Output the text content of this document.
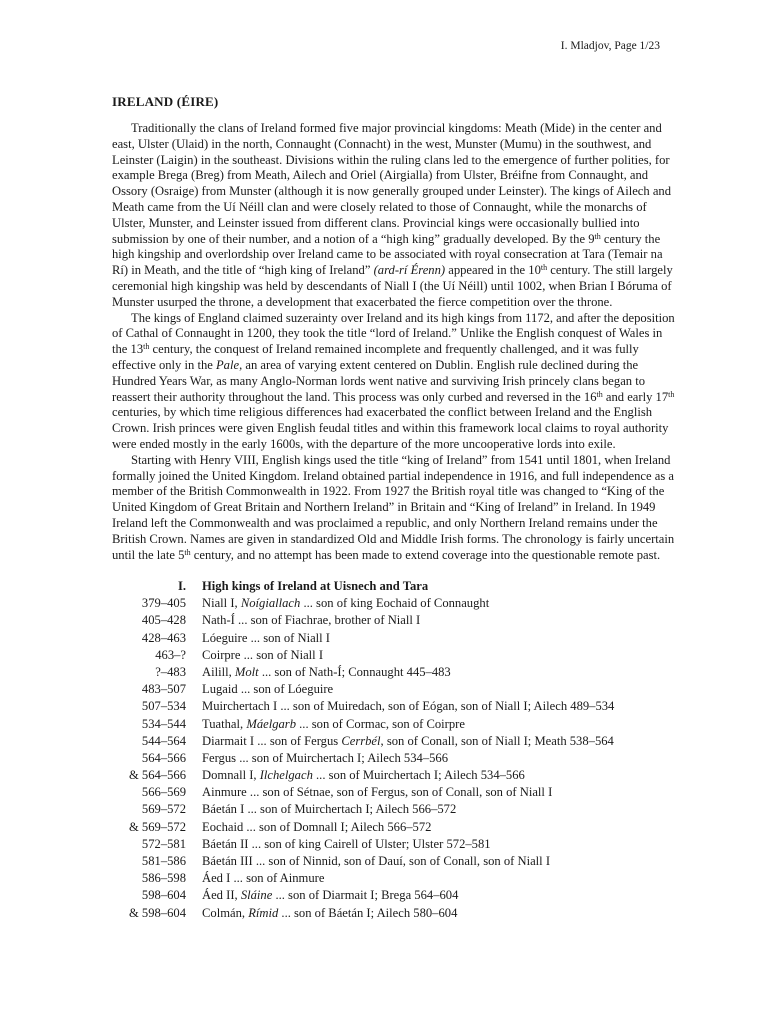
I. Mladjov, Page 1/23
IRELAND (ÉIRE)
Traditionally the clans of Ireland formed five major provincial kingdoms: Meath (Mide) in the center and
east, Ulster (Ulaid) in the north, Connaught (Connacht) in the west, Munster (Mumu) in the southwest, and
Leinster (Laigin) in the southeast. Divisions within the ruling clans led to the emergence of further polities, for
example Brega (Breg) from Meath, Ailech and Oriel (Airgialla) from Ulster, Bréifne from Connaught, and
Ossory (Osraige) from Munster (although it is now generally grouped under Leinster). The kings of Ailech and
Meath came from the Uí Néill clan and were closely related to those of Connaught, while the monarchs of
Ulster, Munster, and Leinster issued from different clans. Provincial kings were occasionally bullied into
submission by one of their number, and a notion of a “high king” gradually developed. By the 9th century the
high kingship and overlordship over Ireland came to be associated with royal consecration at Tara (Temair na
Rí) in Meath, and the title of “high king of Ireland” (ard-rí Érenn) appeared in the 10th century. The still largely
ceremonial high kingship was held by descendants of Niall I (the Uí Néill) until 1002, when Brian I Bóruma of
Munster usurped the throne, a development that exacerbated the fierce competition over the throne.
The kings of England claimed suzerainty over Ireland and its high kings from 1172, and after the deposition
of Cathal of Connaught in 1200, they took the title “lord of Ireland.” Unlike the English conquest of Wales in
the 13th century, the conquest of Ireland remained incomplete and frequently challenged, and it was fully
effective only in the Pale, an area of varying extent centered on Dublin. English rule declined during the
Hundred Years War, as many Anglo-Norman lords went native and surviving Irish princely clans began to
reassert their authority throughout the land. This process was only curbed and reversed in the 16th and early 17th
centuries, by which time religious differences had exacerbated the conflict between Ireland and the English
Crown. Irish princes were given English feudal titles and within this framework local claims to royal authority
were ended mostly in the early 1600s, with the departure of the more uncooperative lords into exile.
Starting with Henry VIII, English kings used the title “king of Ireland” from 1541 until 1801, when Ireland
formally joined the United Kingdom. Ireland obtained partial independence in 1916, and full independence as a
member of the British Commonwealth in 1922. From 1927 the British royal title was changed to “King of the
United Kingdom of Great Britain and Northern Ireland” in Britain and “King of Ireland” in Ireland. In 1949
Ireland left the Commonwealth and was proclaimed a republic, and only Northern Ireland remains under the
British Crown. Names are given in standardized Old and Middle Irish forms. The chronology is fairly uncertain
until the late 5th century, and no attempt has been made to extend coverage into the questionable remote past.
I.	High kings of Ireland at Uisnech and Tara
379–405	Niall I, Noígiallach ... son of king Eochaid of Connaught
405–428	Nath-Í ... son of Fiachrae, brother of Niall I
428–463	Lóeguire ... son of Niall I
463–?	Coirpre ... son of Niall I
?–483	Ailill, Molt ... son of Nath-Í; Connaught 445–483
483–507	Lugaid ... son of Lóeguire
507–534	Muirchertach I ... son of Muiredach, son of Eógan, son of Niall I; Ailech 489–534
534–544	Tuathal, Máelgarb ... son of Cormac, son of Coirpre
544–564	Diarmait I ... son of Fergus Cerrbél, son of Conall, son of Niall I; Meath 538–564
564–566	Fergus ... son of Muirchertach I; Ailech 534–566
& 564–566	Domnall I, Ilchelgach ... son of Muirchertach I; Ailech 534–566
566–569	Ainmure ... son of Sétnae, son of Fergus, son of Conall, son of Niall I
569–572	Báetán I ... son of Muirchertach I; Ailech 566–572
& 569–572	Eochaid ... son of Domnall I; Ailech 566–572
572–581	Báetán II ... son of king Cairell of Ulster; Ulster 572–581
581–586	Báetán III ... son of Ninnid, son of Dauí, son of Conall, son of Niall I
586–598	Áed I ... son of Ainmure
598–604	Áed II, Sláine ... son of Diarmait I; Brega 564–604
& 598–604	Colmán, Rímid ... son of Báetán I; Ailech 580–604
